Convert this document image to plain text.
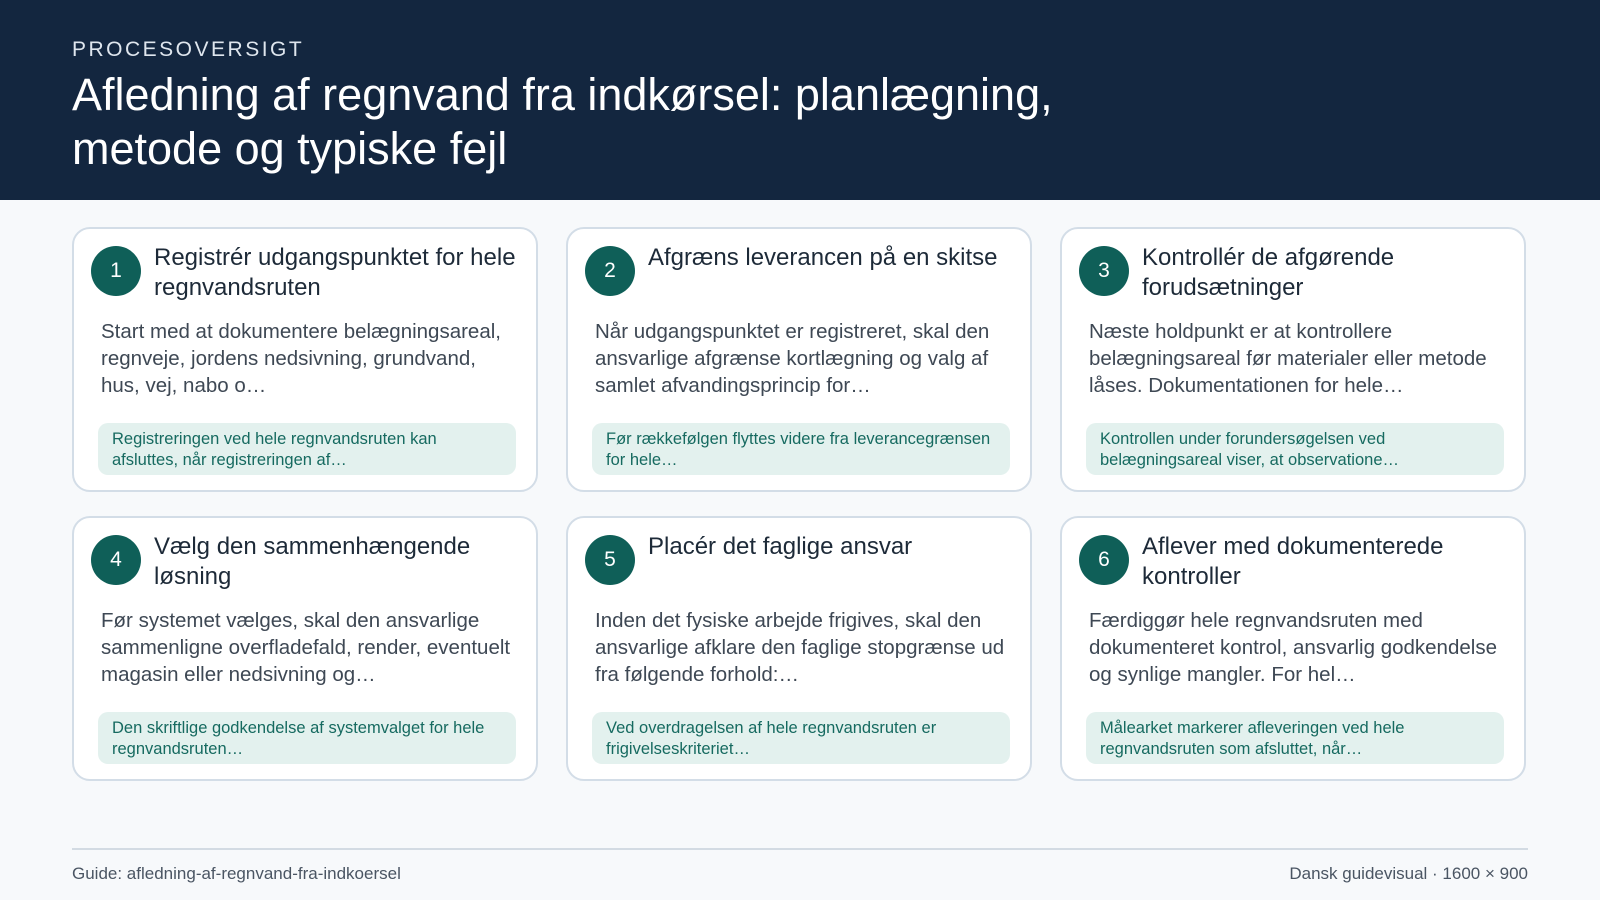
PROCESOVERSIGT
Afledning af regnvand fra indkørsel: planlægning, metode og typiske fejl
1	Registrér udgangspunktet for hele regnvandsruten
Start med at dokumentere belægningsareal, regnveje, jordens nedsivning, grundvand, hus, vej, nabo o…
Registreringen ved hele regnvandsruten kan afsluttes, når registreringen af…
2	Afgræns leverancen på en skitse
Når udgangspunktet er registreret, skal den ansvarlige afgrænse kortlægning og valg af samlet afvandingsprincip for…
Før rækkefølgen flyttes videre fra leverancegrænsen for hele…
3	Kontrollér de afgørende forudsætninger
Næste holdpunkt er at kontrollere belægningsareal før materialer eller metode låses. Dokumentationen for hele…
Kontrollen under forundersøgelsen ved belægningsareal viser, at observatione…
4	Vælg den sammenhængende løsning
Før systemet vælges, skal den ansvarlige sammenligne overfladefald, render, eventuelt magasin eller nedsivning og…
Den skriftlige godkendelse af systemvalget for hele regnvandsruten…
5	Placér det faglige ansvar
Inden det fysiske arbejde frigives, skal den ansvarlige afklare den faglige stopgrænse ud fra følgende forhold:…
Ved overdragelsen af hele regnvandsruten er frigivelseskriteriet…
6	Aflever med dokumenterede kontroller
Færdiggør hele regnvandsruten med dokumenteret kontrol, ansvarlig godkendelse og synlige mangler. For hel…
Målearket markerer afleveringen ved hele regnvandsruten som afsluttet, når…
Guide: afledning-af-regnvand-fra-indkoersel	Dansk guidevisual · 1600 × 900
